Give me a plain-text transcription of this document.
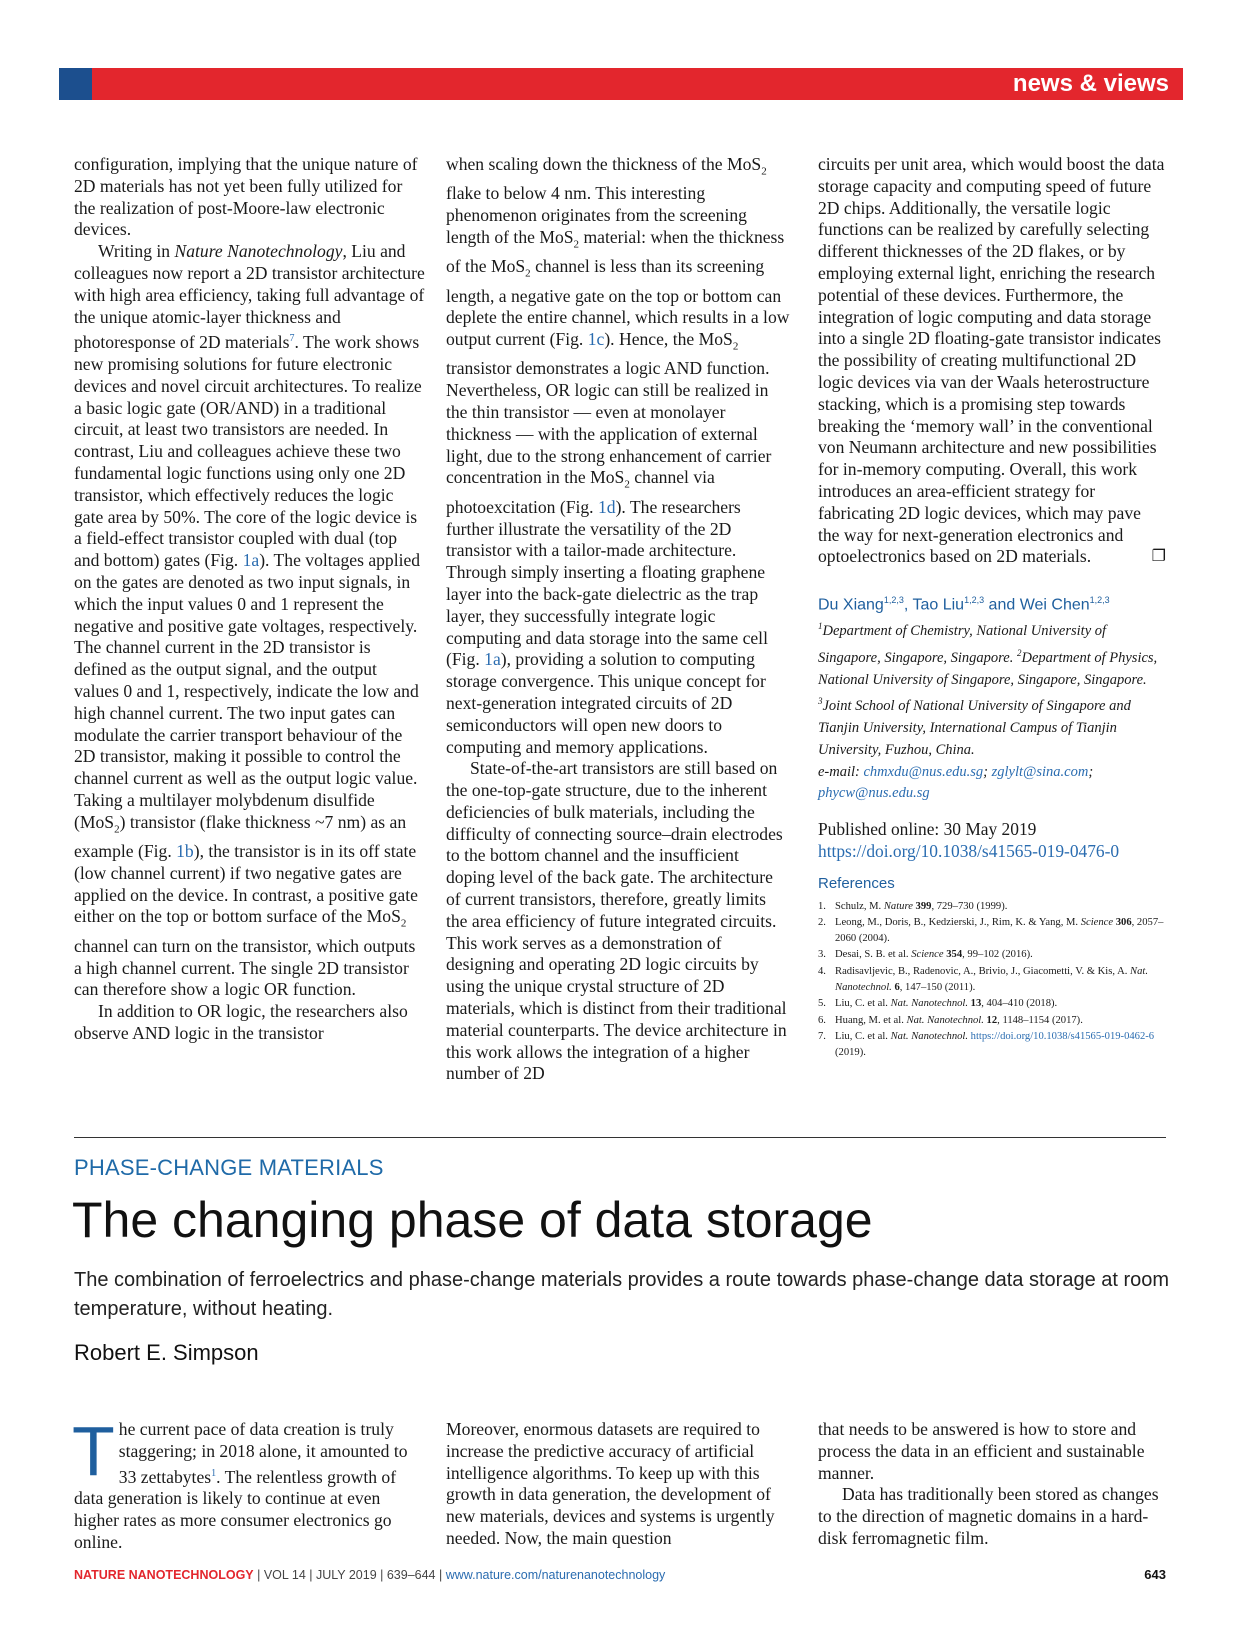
news & views

configuration, implying that the unique nature of 2D materials has not yet been fully utilized for the realization of post-Moore-law electronic devices.

Writing in Nature Nanotechnology, Liu and colleagues now report a 2D transistor architecture with high area efficiency, taking full advantage of the unique atomic-layer thickness and photoresponse of 2D materials$^7$. The work shows new promising solutions for future electronic devices and novel circuit architectures. To realize a basic logic gate (OR/AND) in a traditional circuit, at least two transistors are needed. In contrast, Liu and colleagues achieve these two fundamental logic functions using only one 2D transistor, which effectively reduces the logic gate area by 50%. The core of the logic device is a field-effect transistor coupled with dual (top and bottom) gates (Fig. 1a). The voltages applied on the gates are denoted as two input signals, in which the input values 0 and 1 represent the negative and positive gate voltages, respectively. The channel current in the 2D transistor is defined as the output signal, and the output values 0 and 1, respectively, indicate the low and high channel current. The two input gates can modulate the carrier transport behaviour of the 2D transistor, making it possible to control the channel current as well as the output logic value. Taking a multilayer molybdenum disulfide (MoS$_2$) transistor (flake thickness ~7 nm) as an example (Fig. 1b), the transistor is in its off state (low channel current) if two negative gates are applied on the device. In contrast, a positive gate either on the top or bottom surface of the MoS$_2$ channel can turn on the transistor, which outputs a high channel current. The single 2D transistor can therefore show a logic OR function.

In addition to OR logic, the researchers also observe AND logic in the transistor

when scaling down the thickness of the MoS$_2$ flake to below 4 nm. This interesting phenomenon originates from the screening length of the MoS$_2$ material: when the thickness of the MoS$_2$ channel is less than its screening length, a negative gate on the top or bottom can deplete the entire channel, which results in a low output current (Fig. 1c). Hence, the MoS$_2$ transistor demonstrates a logic AND function. Nevertheless, OR logic can still be realized in the thin transistor — even at monolayer thickness — with the application of external light, due to the strong enhancement of carrier concentration in the MoS$_2$ channel via photoexcitation (Fig. 1d). The researchers further illustrate the versatility of the 2D transistor with a tailor-made architecture. Through simply inserting a floating graphene layer into the back-gate dielectric as the trap layer, they successfully integrate logic computing and data storage into the same cell (Fig. 1a), providing a solution to computing storage convergence. This unique concept for next-generation integrated circuits of 2D semiconductors will open new doors to computing and memory applications.

State-of-the-art transistors are still based on the one-top-gate structure, due to the inherent deficiencies of bulk materials, including the difficulty of connecting source–drain electrodes to the bottom channel and the insufficient doping level of the back gate. The architecture of current transistors, therefore, greatly limits the area efficiency of future integrated circuits. This work serves as a demonstration of designing and operating 2D logic circuits by using the unique crystal structure of 2D materials, which is distinct from their traditional material counterparts. The device architecture in this work allows the integration of a higher number of 2D

circuits per unit area, which would boost the data storage capacity and computing speed of future 2D chips. Additionally, the versatile logic functions can be realized by carefully selecting different thicknesses of the 2D flakes, or by employing external light, enriching the research potential of these devices. Furthermore, the integration of logic computing and data storage into a single 2D floating-gate transistor indicates the possibility of creating multifunctional 2D logic devices via van der Waals heterostructure stacking, which is a promising step towards breaking the ‘memory wall’ in the conventional von Neumann architecture and new possibilities for in-memory computing. Overall, this work introduces an area-efficient strategy for fabricating 2D logic devices, which may pave the way for next-generation electronics and optoelectronics based on 2D materials.	❐

Du Xiang$^{1,2,3}$, Tao Liu$^{1,2,3}$ and Wei Chen$^{1,2,3}$

$^1$Department of Chemistry, National University of Singapore, Singapore, Singapore. $^2$Department of Physics, National University of Singapore, Singapore, Singapore. $^3$Joint School of National University of Singapore and Tianjin University, International Campus of Tianjin University, Fuzhou, China.
e-mail: chmxdu@nus.edu.sg; zglylt@sina.com;
phycw@nus.edu.sg

Published online: 30 May 2019

https://doi.org/10.1038/s41565-019-0476-0

References

1. Schulz, M. Nature 399, 729–730 (1999).
2. Leong, M., Doris, B., Kedzierski, J., Rim, K. & Yang, M. Science 306, 2057–2060 (2004).
3. Desai, S. B. et al. Science 354, 99–102 (2016).
4. Radisavljevic, B., Radenovic, A., Brivio, J., Giacometti, V. & Kis, A. Nat. Nanotechnol. 6, 147–150 (2011).
5. Liu, C. et al. Nat. Nanotechnol. 13, 404–410 (2018).
6. Huang, M. et al. Nat. Nanotechnol. 12, 1148–1154 (2017).
7. Liu, C. et al. Nat. Nanotechnol. https://doi.org/10.1038/s41565-019-0462-6 (2019).
PHASE-CHANGE MATERIALS
The changing phase of data storage
The combination of ferroelectrics and phase-change materials provides a route towards phase-change data storage at room temperature, without heating.
Robert E. Simpson

The current pace of data creation is truly staggering; in 2018 alone, it amounted to 33 zettabytes$^1$. The relentless growth of data generation is likely to continue at even higher rates as more consumer electronics go online.

Moreover, enormous datasets are required to increase the predictive accuracy of artificial intelligence algorithms. To keep up with this growth in data generation, the development of new materials, devices and systems is urgently needed. Now, the main question

that needs to be answered is how to store and process the data in an efficient and sustainable manner.

Data has traditionally been stored as changes to the direction of magnetic domains in a hard-disk ferromagnetic film.

NATURE NANOTECHNOLOGY | VOL 14 | JULY 2019 | 639–644 | www.nature.com/naturenanotechnology	643
